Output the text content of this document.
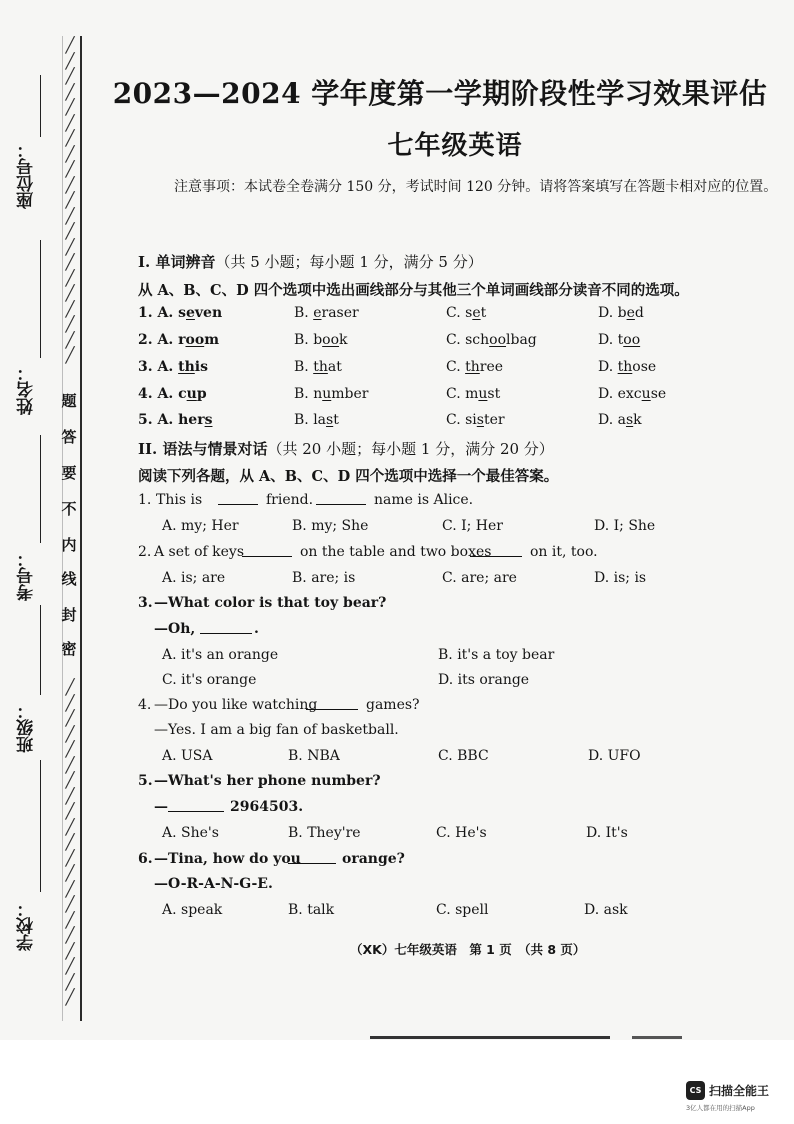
╱
╱
╱
╱
╱
╱
╱
╱
╱
╱
╱
╱
╱
╱
╱
╱
╱
╱
╱
╱
╱
╱
╱
╱
╱
╱
╱
╱
╱
╱
╱
╱
╱
╱
╱
╱
╱
╱
╱
╱
╱
╱
座位号：
姓名：
考号：
班级：
学校：
题
答
要
不
内
线
封
密
2023—2024 学年度第一学期阶段性学习效果评估
七年级英语
注意事项：本试卷全卷满分 150 分，考试时间 120 分钟。请将答案填写在答题卡相对应的位置。
I. 单词辨音（共 5 小题；每小题 1 分，满分 5 分）
从 A、B、C、D 四个选项中选出画线部分与其他三个单词画线部分读音不同的选项。
1. A. seven	B. eraser	C. set	D. bed
2. A. room	B. book	C. schoolbag	D. too
3. A. this	B. that	C. three	D. those
4. A. cup	B. number	C. must	D. excuse
5. A. hers	B. last	C. sister	D. ask
II. 语法与情景对话（共 20 小题；每小题 1 分，满分 20 分）
阅读下列各题，从 A、B、C、D 四个选项中选择一个最佳答案。
1. This is	friend.	name is Alice.
A. my; Her	B. my; She	C. I; Her	D. I; She
2. A set of keys	on the table and two boxes	on it, too.
A. is; are	B. are; is	C. are; are	D. is; is
3. —What color is that toy bear?
—Oh,	.
A. it's an orange	B. it's a toy bear
C. it's orange	D. its orange
4. —Do you like watching	games?
—Yes. I am a big fan of basketball.
A. USA	B. NBA	C. BBC	D. UFO
5. —What's her phone number?
—	2964503.
A. She's	B. They're	C. He's	D. It's
6. —Tina, how do you	orange?
—O-R-A-N-G-E.
A. speak	B. talk	C. spell	D. ask
（XK）七年级英语　第 1 页　（共 8 页）
CS 扫描全能王
3亿人都在用的扫描App
